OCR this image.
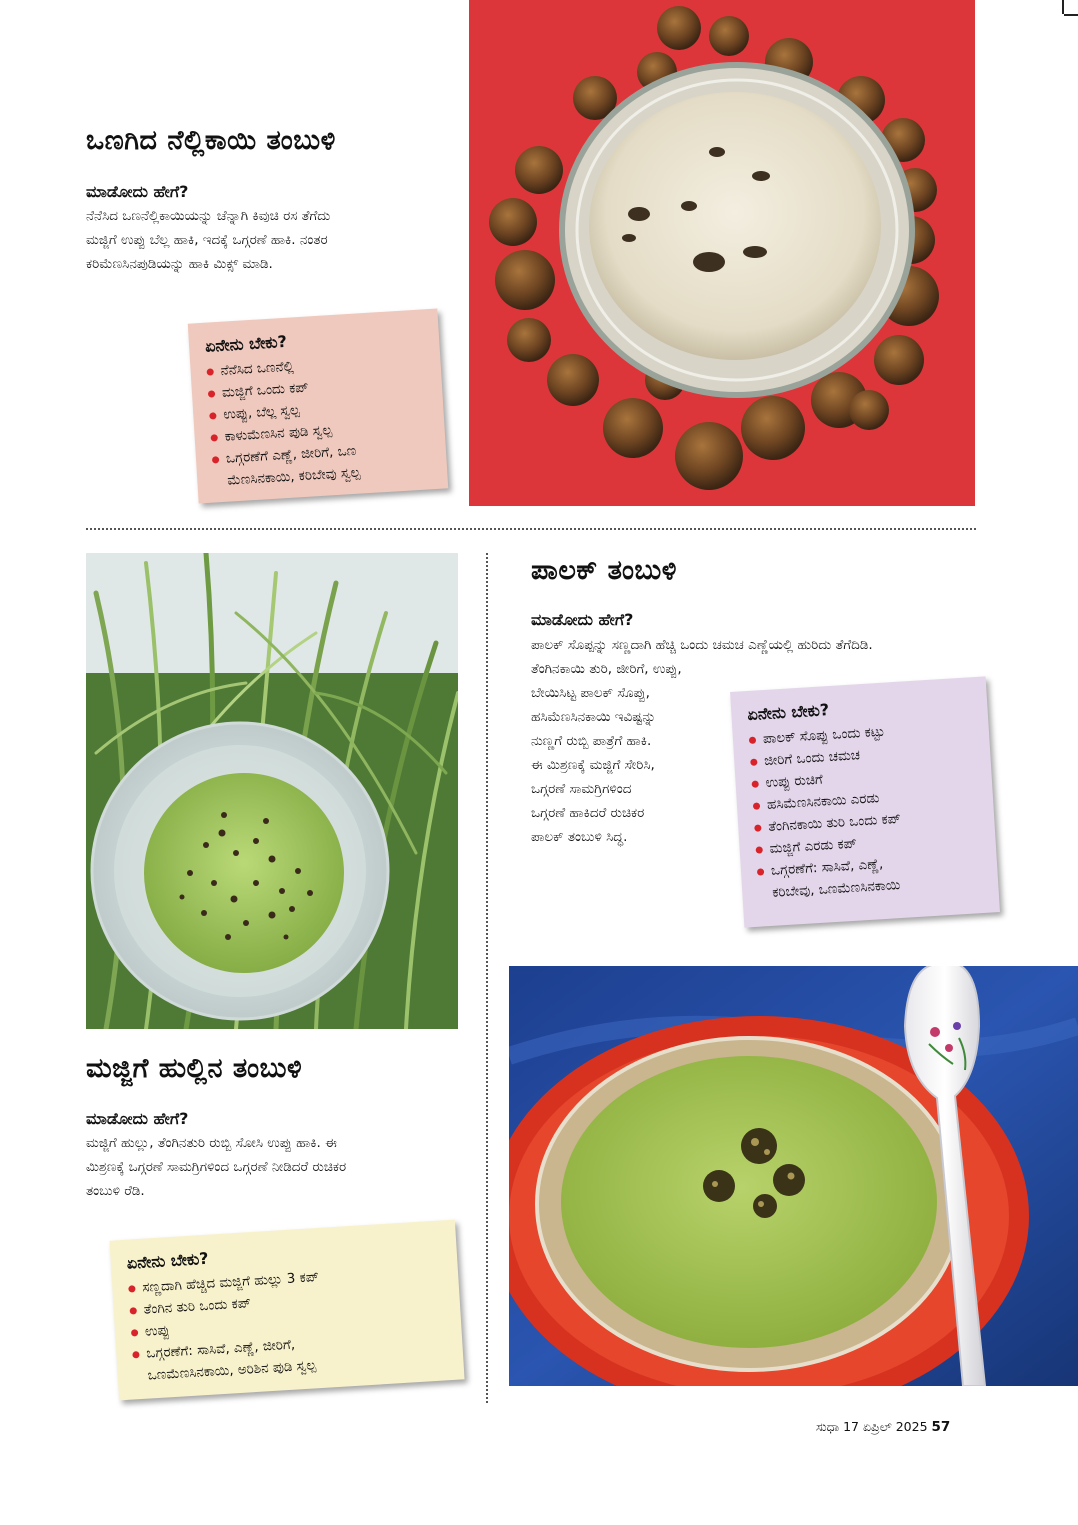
ಒಣಗಿದ ನೆಲ್ಲಿಕಾಯಿ ತಂಬುಳಿ
ಮಾಡೋದು ಹೇಗೆ?
ನೆನೆಸಿದ ಒಣನೆಲ್ಲಿಕಾಯಿಯನ್ನು ಚೆನ್ನಾಗಿ ಕಿವುಚಿ ರಸ ತೆಗೆದು
ಮಜ್ಜಿಗೆ ಉಪ್ಪು ಬೆಲ್ಲ ಹಾಕಿ, ಇದಕ್ಕೆ ಒಗ್ಗರಣೆ ಹಾಕಿ. ನಂತರ
ಕರಿಮೆಣಸಿನಪುಡಿಯನ್ನು ಹಾಕಿ ಮಿಕ್ಸ್ ಮಾಡಿ.
ಏನೇನು ಬೇಕು?
ನೆನೆಸಿದ ಒಣನೆಲ್ಲಿ
ಮಜ್ಜಿಗೆ ಒಂದು ಕಪ್
ಉಪ್ಪು, ಬೆಲ್ಲ ಸ್ವಲ್ಪ
ಕಾಳುಮೆಣಸಿನ ಪುಡಿ ಸ್ವಲ್ಪ
ಒಗ್ಗರಣೆಗೆ ಎಣ್ಣೆ, ಜೀರಿಗೆ, ಒಣ
ಮೆಣಸಿನಕಾಯಿ, ಕರಿಬೇವು ಸ್ವಲ್ಪ
ಪಾಲಕ್ ತಂಬುಳಿ
ಮಾಡೋದು ಹೇಗೆ?
ಪಾಲಕ್ ಸೊಪ್ಪನ್ನು ಸಣ್ಣದಾಗಿ ಹೆಚ್ಚಿ ಒಂದು ಚಮಚ ಎಣ್ಣೆಯಲ್ಲಿ ಹುರಿದು ತೆಗೆದಿಡಿ.
ತೆಂಗಿನಕಾಯಿ ತುರಿ, ಜೀರಿಗೆ, ಉಪ್ಪು,
ಬೇಯಿಸಿಟ್ಟ ಪಾಲಕ್ ಸೊಪ್ಪು,
ಹಸಿಮೆಣಸಿನಕಾಯಿ ಇವಿಷ್ಟನ್ನು
ನುಣ್ಣಗೆ ರುಬ್ಬಿ ಪಾತ್ರೆಗೆ ಹಾಕಿ.
ಈ ಮಿಶ್ರಣಕ್ಕೆ ಮಜ್ಜಿಗೆ ಸೇರಿಸಿ,
ಒಗ್ಗರಣೆ ಸಾಮಗ್ರಿಗಳಿಂದ
ಒಗ್ಗರಣೆ ಹಾಕಿದರೆ ರುಚಿಕರ
ಪಾಲಕ್ ತಂಬುಳಿ ಸಿದ್ಧ.
ಏನೇನು ಬೇಕು?
ಪಾಲಕ್ ಸೊಪ್ಪು ಒಂದು ಕಟ್ಟು
ಜೀರಿಗೆ ಒಂದು ಚಮಚ
ಉಪ್ಪು ರುಚಿಗೆ
ಹಸಿಮೆಣಸಿನಕಾಯಿ ಎರಡು
ತೆಂಗಿನಕಾಯಿ ತುರಿ ಒಂದು ಕಪ್
ಮಜ್ಜಿಗೆ ಎರಡು ಕಪ್
ಒಗ್ಗರಣೆಗೆ: ಸಾಸಿವೆ, ಎಣ್ಣೆ,
ಕರಿಬೇವು, ಒಣಮೆಣಸಿನಕಾಯಿ
ಮಜ್ಜಿಗೆ ಹುಲ್ಲಿನ ತಂಬುಳಿ
ಮಾಡೋದು ಹೇಗೆ?
ಮಜ್ಜಿಗೆ ಹುಲ್ಲು, ತೆಂಗಿನತುರಿ ರುಬ್ಬಿ ಸೋಸಿ ಉಪ್ಪು ಹಾಕಿ. ಈ
ಮಿಶ್ರಣಕ್ಕೆ ಒಗ್ಗರಣೆ ಸಾಮಗ್ರಿಗಳಿಂದ ಒಗ್ಗರಣೆ ನೀಡಿದರೆ ರುಚಿಕರ
ತಂಬುಳಿ ರೆಡಿ.
ಏನೇನು ಬೇಕು?
ಸಣ್ಣದಾಗಿ ಹೆಚ್ಚಿದ ಮಜ್ಜಿಗೆ ಹುಲ್ಲು 3 ಕಪ್
ತೆಂಗಿನ ತುರಿ ಒಂದು ಕಪ್
ಉಪ್ಪು
ಒಗ್ಗರಣೆಗೆ: ಸಾಸಿವೆ, ಎಣ್ಣೆ, ಜೀರಿಗೆ,
ಒಣಮೆಣಸಿನಕಾಯಿ, ಅರಿಶಿನ ಪುಡಿ ಸ್ವಲ್ಪ
ಸುಧಾ 17 ಏಪ್ರಿಲ್ 2025 57
